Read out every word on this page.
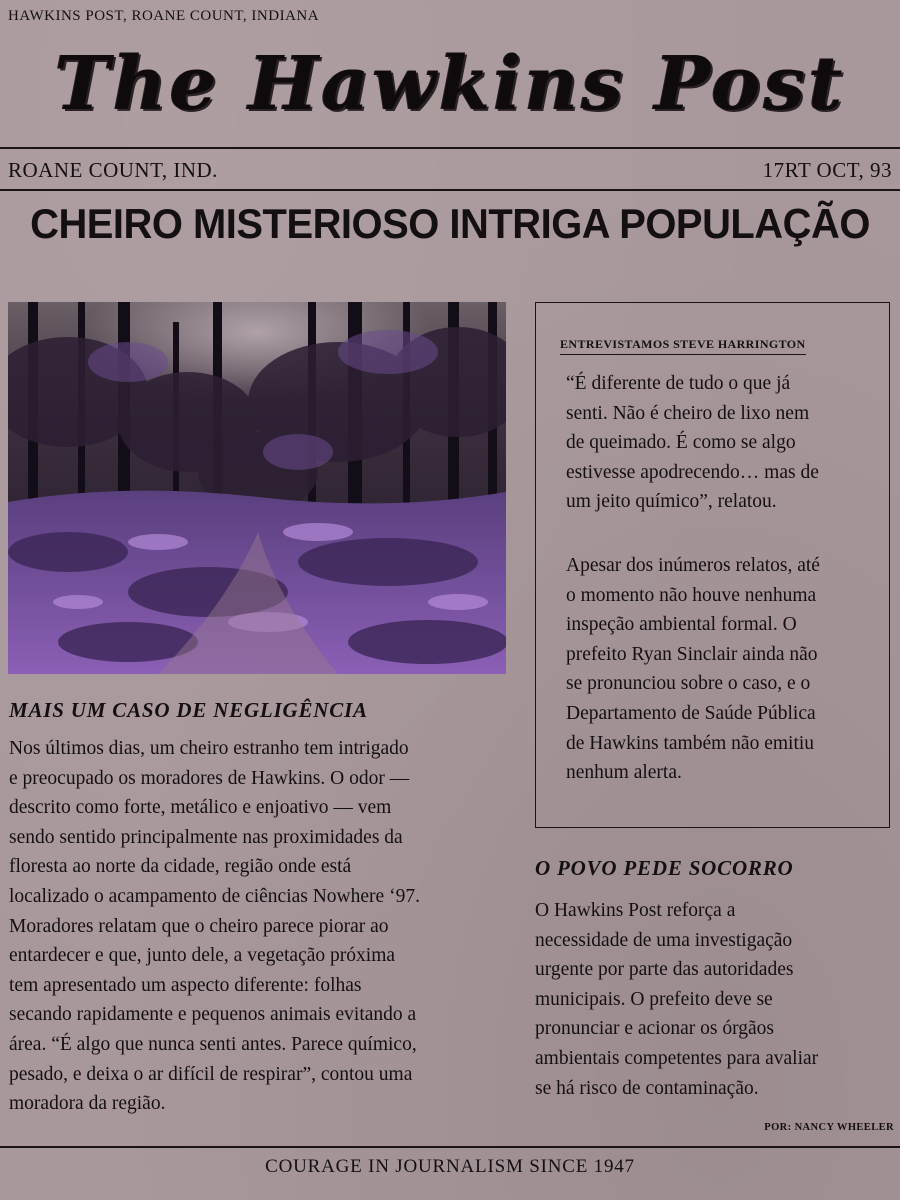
HAWKINS POST, ROANE COUNT, INDIANA
The Hawkins Post
ROANE COUNT, IND.	17RT OCT, 93
CHEIRO MISTERIOSO INTRIGA POPULAÇÃO
MAIS UM CASO DE NEGLIGÊNCIA

Nos últimos dias, um cheiro estranho tem intrigado

e preocupado os moradores de Hawkins. O odor —

descrito como forte, metálico e enjoativo — vem

sendo sentido principalmente nas proximidades da

floresta ao norte da cidade, região onde está

localizado o acampamento de ciências Nowhere ‘97.

Moradores relatam que o cheiro parece piorar ao

entardecer e que, junto dele, a vegetação próxima

tem apresentado um aspecto diferente: folhas

secando rapidamente e pequenos animais evitando a

área. “É algo que nunca senti antes. Parece químico,

pesado, e deixa o ar difícil de respirar”, contou uma

moradora da região.

ENTREVISTAMOS STEVE HARRINGTON

“É diferente de tudo o que já

senti. Não é cheiro de lixo nem

de queimado. É como se algo

estivesse apodrecendo… mas de

um jeito químico”, relatou.

Apesar dos inúmeros relatos, até

o momento não houve nenhuma

inspeção ambiental formal. O

prefeito Ryan Sinclair ainda não

se pronunciou sobre o caso, e o

Departamento de Saúde Pública

de Hawkins também não emitiu

nenhum alerta.

O POVO PEDE SOCORRO

O Hawkins Post reforça a

necessidade de uma investigação

urgente por parte das autoridades

municipais. O prefeito deve se

pronunciar e acionar os órgãos

ambientais competentes para avaliar

se há risco de contaminação.

POR: NANCY WHEELER
COURAGE IN JOURNALISM SINCE 1947
